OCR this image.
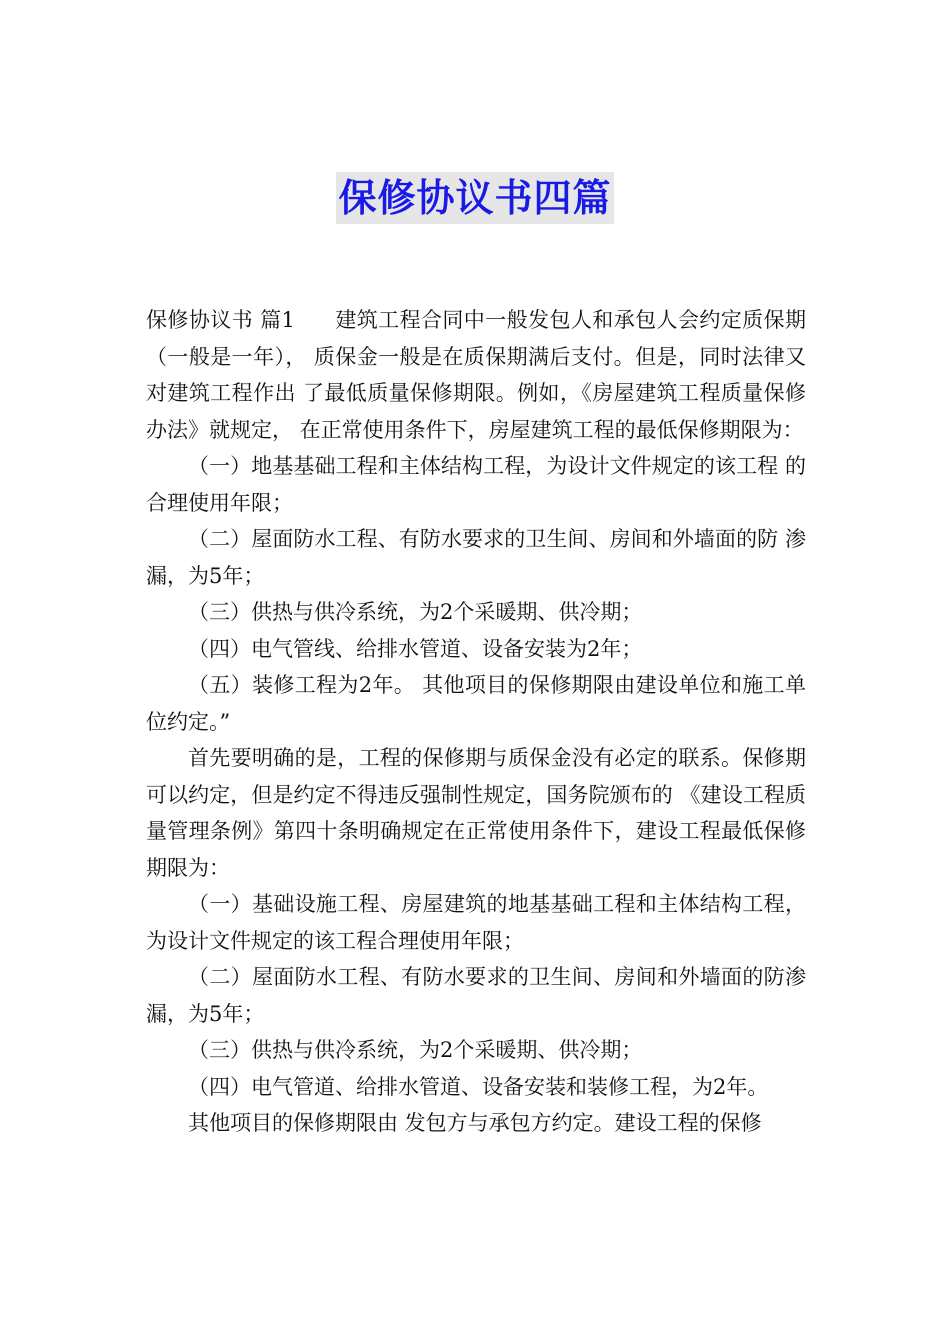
保修协议书四篇

保修协议书 篇1 建筑工程合同中一般发包人和承包人会约定质保期（一般是一年）， 质保金一般是在质保期满后支付。但是，同时法律又对建筑工程作出 了最低质量保修期限。例如，《房屋建筑工程质量保修办法》就规定， 在正常使用条件下，房屋建筑工程的最低保修期限为：

（一）地基基础工程和主体结构工程，为设计文件规定的该工程 的合理使用年限；

（二）屋面防水工程、有防水要求的卫生间、房间和外墙面的防 渗漏，为5年；

（三）供热与供冷系统，为2个采暖期、供冷期；

（四）电气管线、给排水管道、设备安装为2年；

（五）装修工程为2年。 其他项目的保修期限由建设单位和施工单位约定。”

首先要明确的是，工程的保修期与质保金没有必定的联系。保修期可以约定，但是约定不得违反强制性规定，国务院颁布的 《建设工程质量管理条例》第四十条明确规定在正常使用条件下，建设工程最低保修期限为：

（一）基础设施工程、房屋建筑的地基基础工程和主体结构工程，为设计文件规定的该工程合理使用年限；

（二）屋面防水工程、有防水要求的卫生间、房间和外墙面的防渗漏，为5年；

（三）供热与供冷系统，为2个采暖期、供冷期；

（四）电气管道、给排水管道、设备安装和装修工程，为2年。

其他项目的保修期限由 发包方与承包方约定。建设工程的保修
